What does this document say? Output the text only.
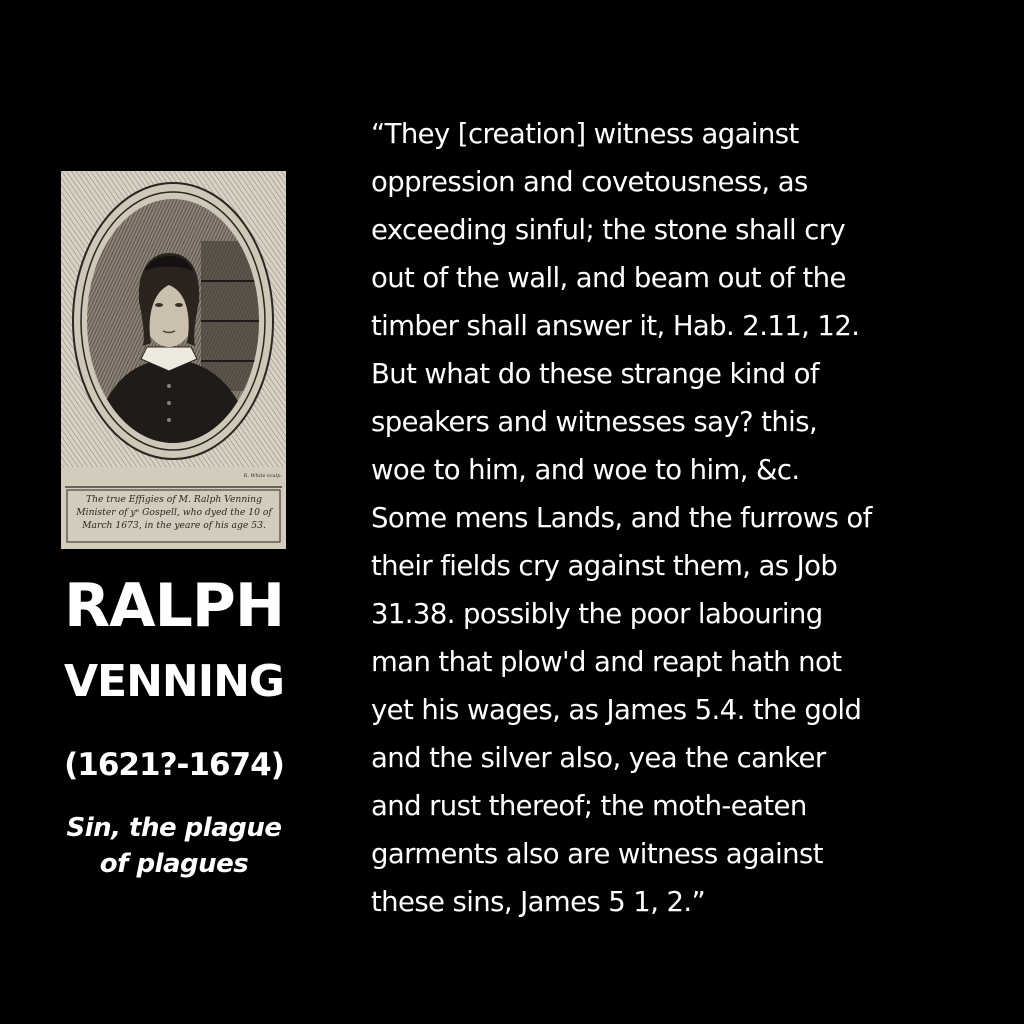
The true Effigies of M. Ralph Venning
Minister of yᵉ Gospell, who dyed the 10 of
March 1673, in the yeare of his age 53.
R. White sculp.
RALPH
VENNING
(1621?-1674)
Sin, the plague
of plagues
“They [creation] witness against
oppression and covetousness, as
exceeding sinful; the stone shall cry
out of the wall, and beam out of the
timber shall answer it, Hab. 2.11, 12.
But what do these strange kind of
speakers and witnesses say? this,
woe to him, and woe to him, &c.
Some mens Lands, and the furrows of
their fields cry against them, as Job
31.38. possibly the poor labouring
man that plow'd and reapt hath not
yet his wages, as James 5.4. the gold
and the silver also, yea the canker
and rust thereof; the moth-eaten
garments also are witness against
these sins, James 5 1, 2.”
